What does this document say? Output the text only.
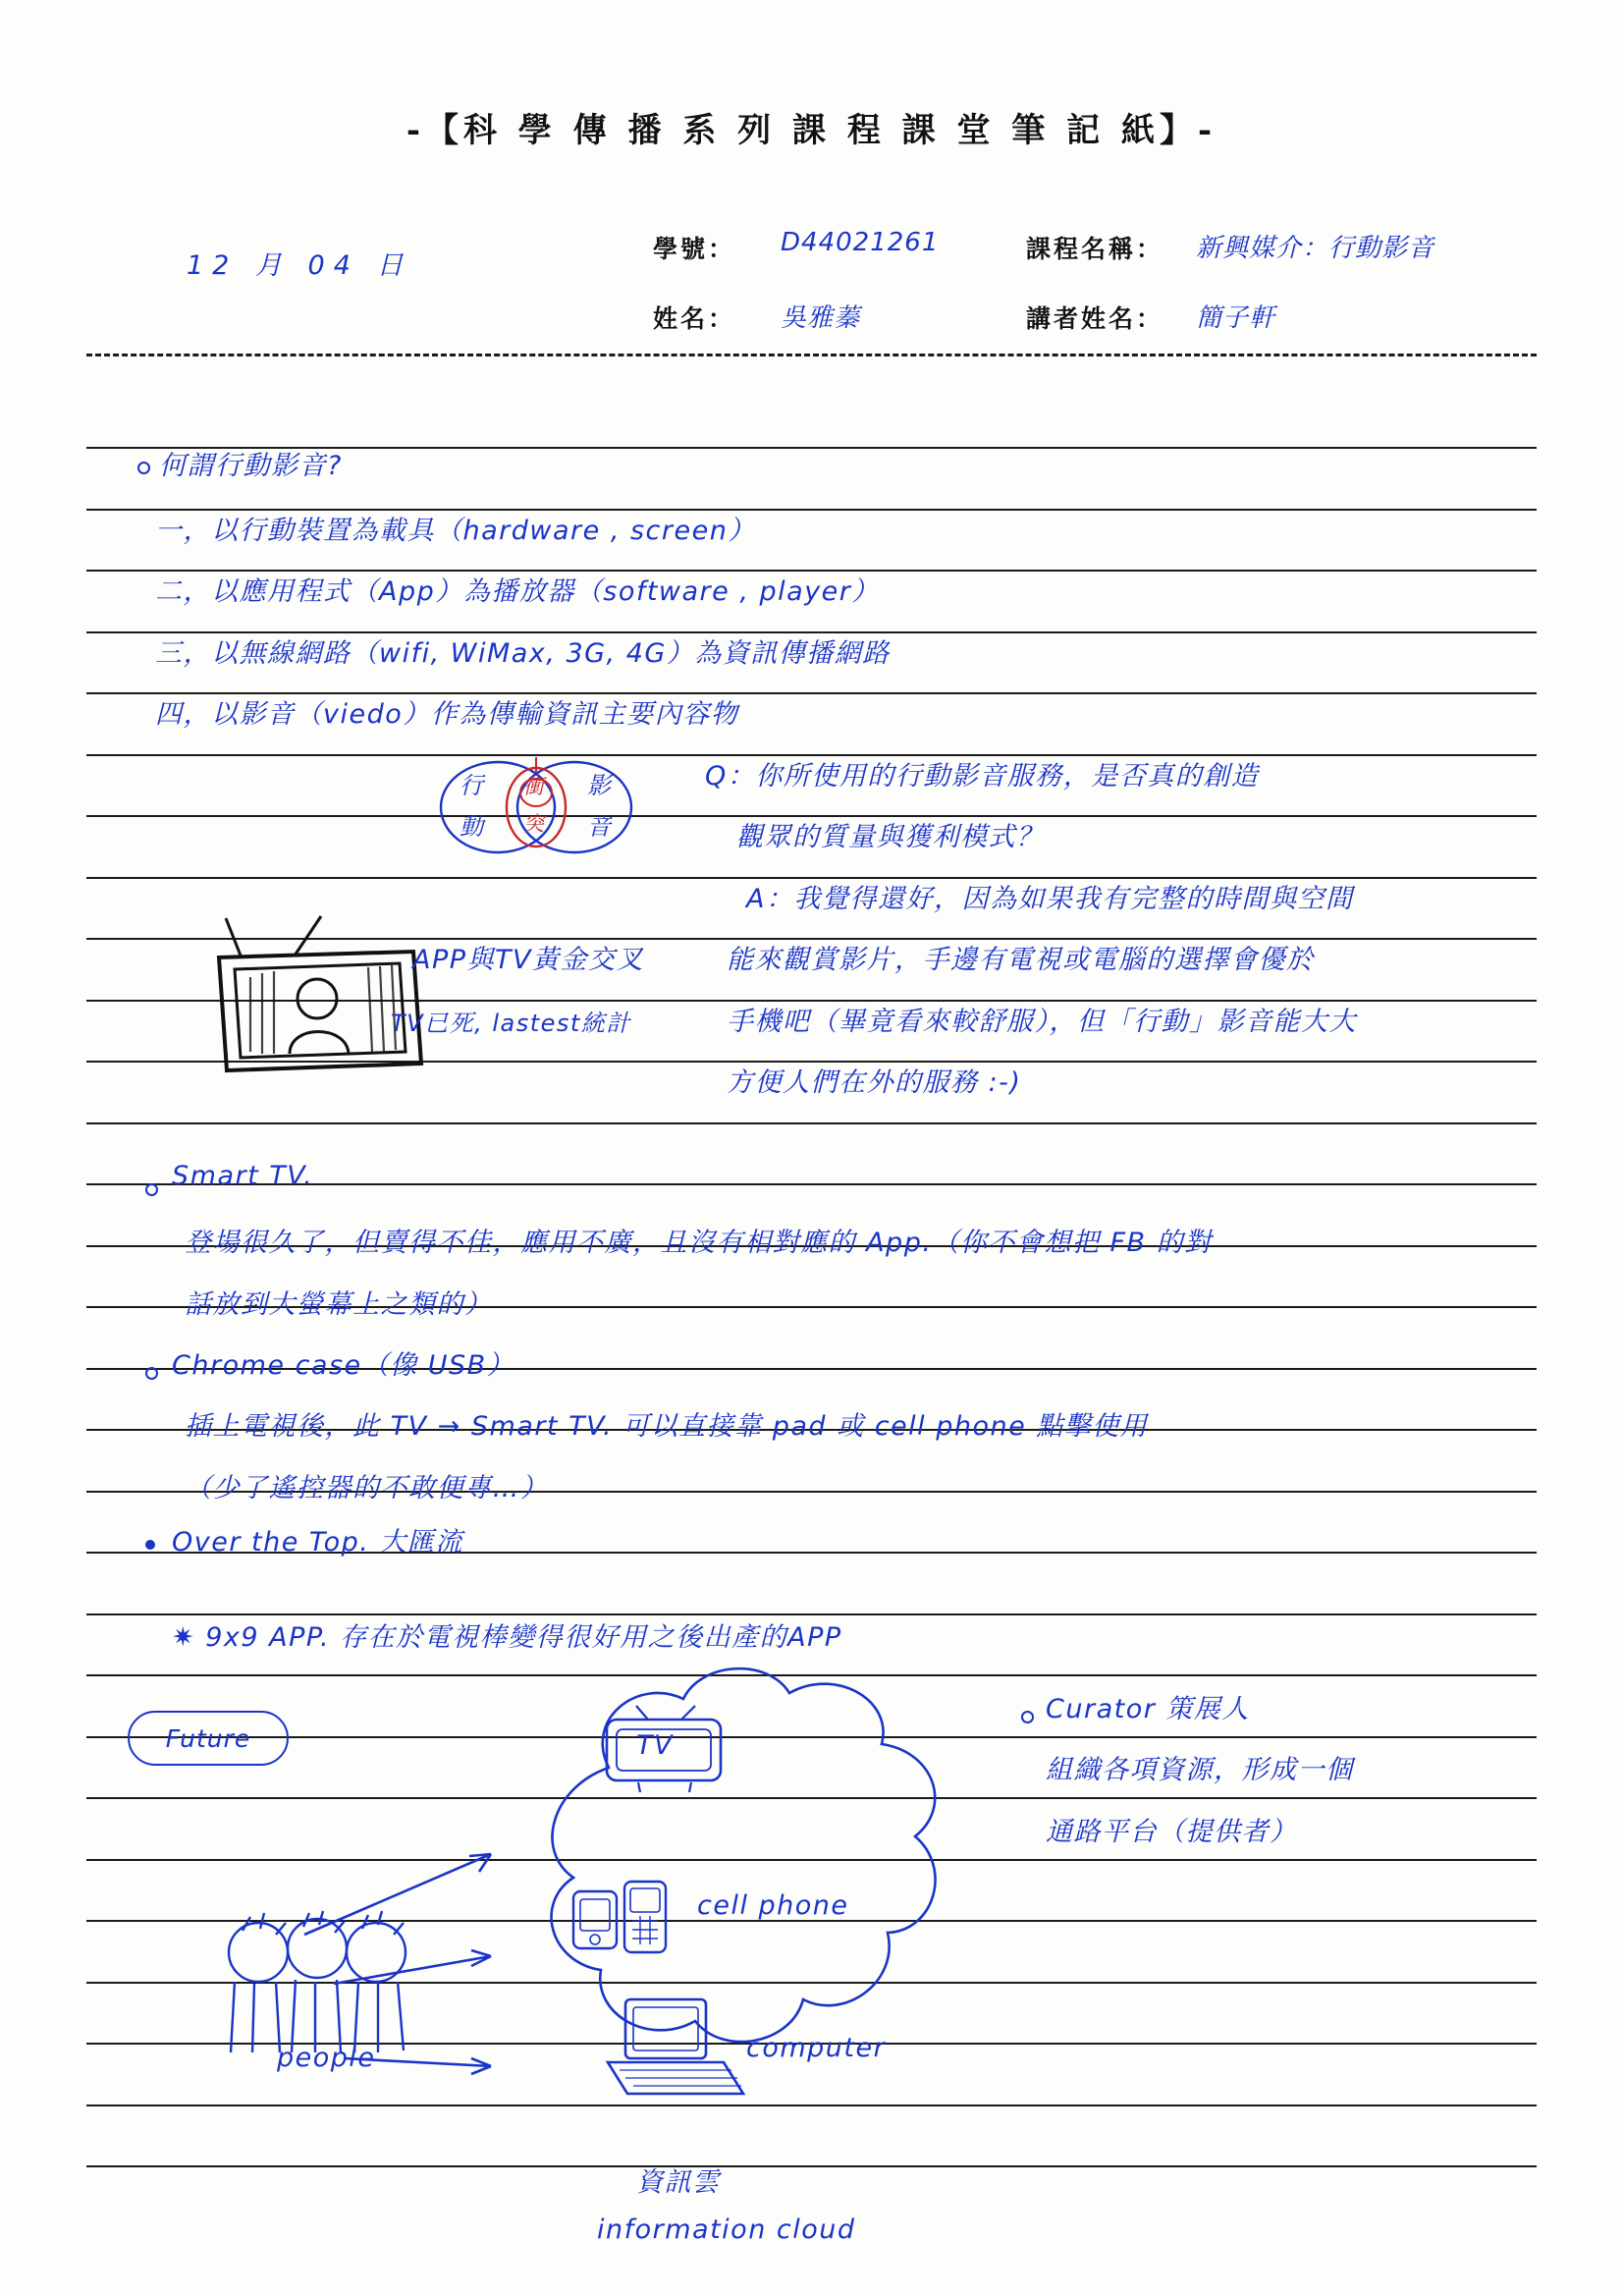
-【科 學 傳 播 系 列 課 程 課 堂 筆 記 紙】-
12 月 04 日
學號： D44021261
姓名： 吳雅蓁
課程名稱： 新興媒介：行動影音
講者姓名： 簡子軒
何謂行動影音?
一，以行動裝置為載具（hardware , screen）
二，以應用程式（App）為播放器（software , player）
三，以無線網路（wifi, WiMax, 3G, 4G）為資訊傳播網路
四，以影音（viedo）作為傳輸資訊主要內容物
行
動
影
音
衝
突
Q：你所使用的行動影音服務，是否真的創造
觀眾的質量與獲利模式？
A：我覺得還好，因為如果我有完整的時間與空間
能來觀賞影片，手邊有電視或電腦的選擇會優於
手機吧（畢竟看來較舒服），但「行動」影音能大大
方便人們在外的服務 :-)
APP與TV黃金交叉
TV已死, lastest統計
Smart TV.
登場很久了，但賣得不佳，應用不廣，且沒有相對應的 App.（你不會想把 FB 的對
話放到大螢幕上之類的）
Chrome case（像 USB）
插上電視後，此 TV → Smart TV. 可以直接靠 pad 或 cell phone 點擊使用
（少了遙控器的不敢便專…）
Over the Top. 大匯流
✷ 9x9 APP. 存在於電視棒變得很好用之後出產的APP
TV
Future
Curator 策展人
組織各項資源，形成一個
通路平台（提供者）
cell phone
computer
people
資訊雲
information cloud
